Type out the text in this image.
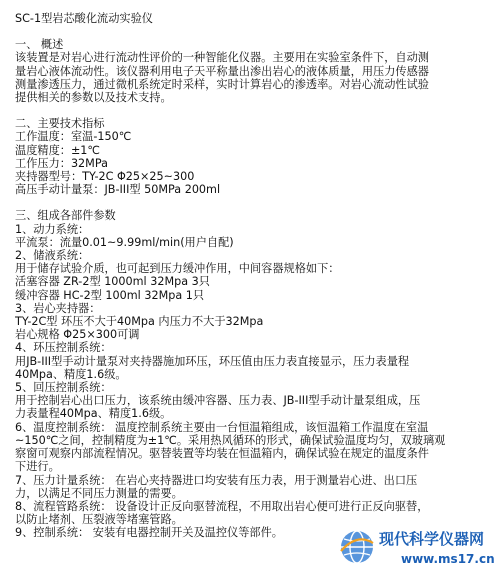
SC-1型岩芯酸化流动实验仪
一、 概述
该装置是对岩心进行流动性评价的一种智能化仪器。主要用在实验室条件下，自动测
量岩心液体流动性。该仪器利用电子天平称量出渗出岩心的液体质量，用压力传感器
测量渗透压力，通过微机系统定时采样，实时计算岩心的渗透率。对岩心流动性试验
提供相关的参数以及技术支持。
二、主要技术指标
工作温度：室温-150℃
温度精度：±1℃
工作压力：32MPa
夹持器型号：TY-2C Φ25×25~300
高压手动计量泵：JB-III型 50MPa 200ml
三、组成各部件参数
1、动力系统：
平流泵：流量0.01~9.99ml/min(用户自配)
2、储液系统：
用于储存试验介质，也可起到压力缓冲作用，中间容器规格如下：
活塞容器 ZR-2型 1000ml 32Mpa 3只
缓冲容器 HC-2型 100ml 32Mpa 1只
3、岩心夹持器：
TY-2C型 环压不大于40Mpa 内压力不大于32Mpa
岩心规格 Φ25×300可调
4、环压控制系统：
用JB-III型手动计量泵对夹持器施加环压，环压值由压力表直接显示，压力表量程
40Mpa、精度1.6级。
5、回压控制系统：
用于控制岩心出口压力，该系统由缓冲容器、压力表、JB-III型手动计量泵组成，压
力表量程40Mpa、精度1.6级。
6、温度控制系统： 温度控制系统主要由一台恒温箱组成，该恒温箱工作温度在室温
~150℃之间，控制精度为±1℃。采用热风循环的形式，确保试验温度均匀，双玻璃观
察窗可观察内部流程情况。驱替装置等均装在恒温箱内，确保试验在规定的温度条件
下进行。
7、压力计量系统： 在岩心夹持器进口均安装有压力表，用于测量岩心进、出口压
力，以满足不同压力测量的需要。
8、流程管路系统： 设备设计正反向驱替流程，不用取出岩心便可进行正反向驱替，
以防止堵剂、压裂液等堵塞管路。
9、控制系统： 安装有电器控制开关及温控仪等部件。	现代科学仪器网
www.ms17.cn
